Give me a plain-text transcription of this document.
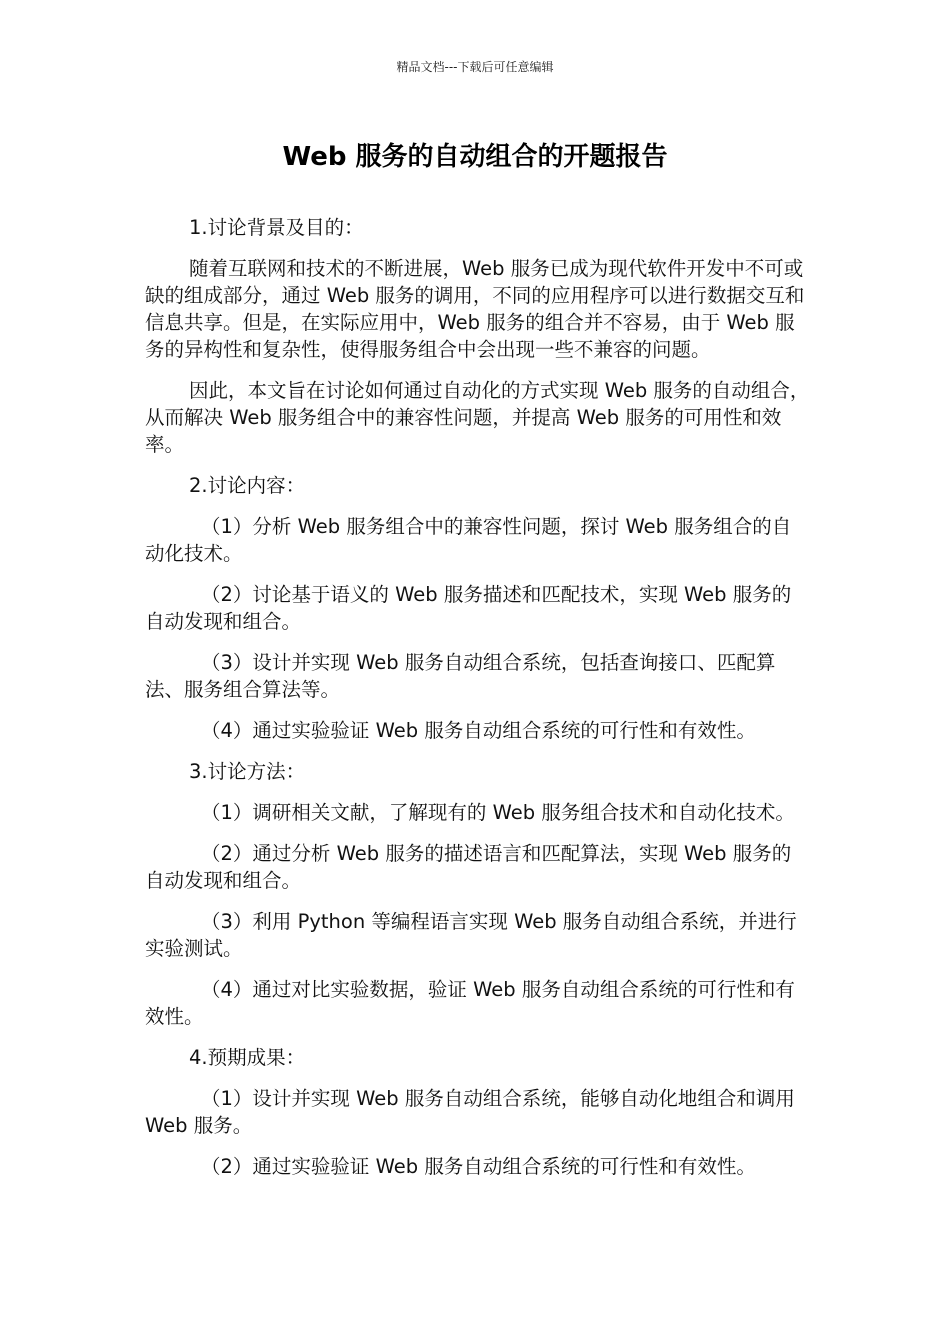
精品文档---下载后可任意编辑
Web 服务的自动组合的开题报告

1.讨论背景及目的：

随着互联网和技术的不断进展，Web 服务已成为现代软件开发中不可或缺的组成部分，通过 Web 服务的调用，不同的应用程序可以进行数据交互和信息共享。但是，在实际应用中，Web 服务的组合并不容易，由于 Web 服务的异构性和复杂性，使得服务组合中会出现一些不兼容的问题。

因此，本文旨在讨论如何通过自动化的方式实现 Web 服务的自动组合，从而解决 Web 服务组合中的兼容性问题，并提高 Web 服务的可用性和效率。

2.讨论内容：

（1）分析 Web 服务组合中的兼容性问题，探讨 Web 服务组合的自动化技术。

（2）讨论基于语义的 Web 服务描述和匹配技术，实现 Web 服务的自动发现和组合。

（3）设计并实现 Web 服务自动组合系统，包括查询接口、匹配算法、服务组合算法等。

（4）通过实验验证 Web 服务自动组合系统的可行性和有效性。

3.讨论方法：

（1）调研相关文献，了解现有的 Web 服务组合技术和自动化技术。

（2）通过分析 Web 服务的描述语言和匹配算法，实现 Web 服务的自动发现和组合。

（3）利用 Python 等编程语言实现 Web 服务自动组合系统，并进行实验测试。

（4）通过对比实验数据，验证 Web 服务自动组合系统的可行性和有效性。

4.预期成果：

（1）设计并实现 Web 服务自动组合系统，能够自动化地组合和调用 Web 服务。

（2）通过实验验证 Web 服务自动组合系统的可行性和有效性。
